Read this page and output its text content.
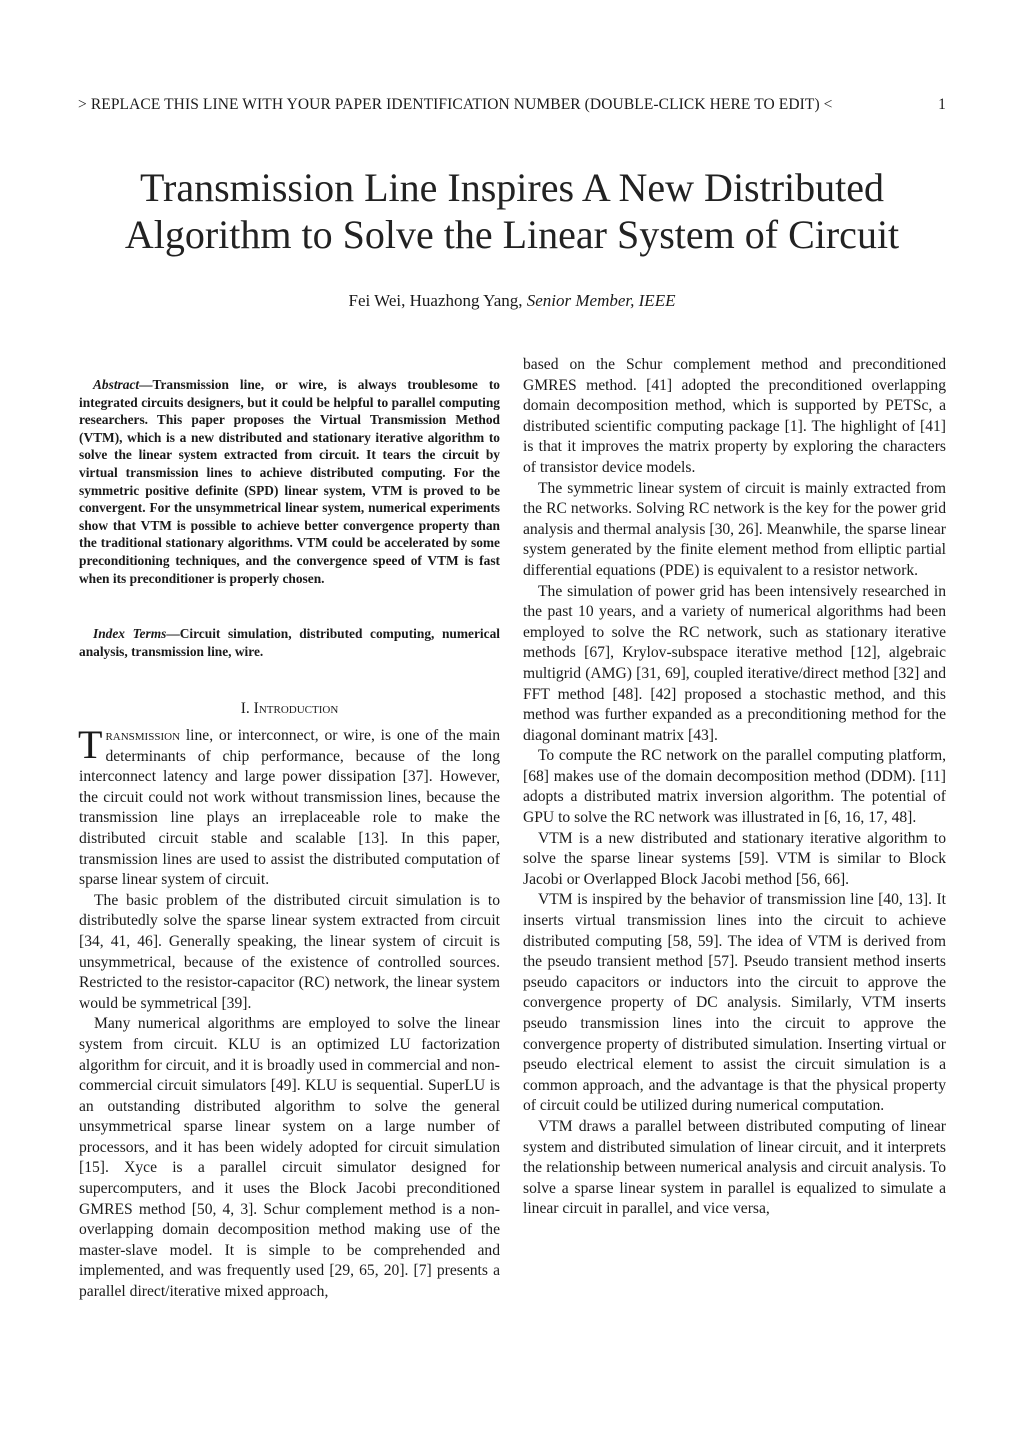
> REPLACE THIS LINE WITH YOUR PAPER IDENTIFICATION NUMBER (DOUBLE-CLICK HERE TO EDIT) <	1
Transmission Line Inspires A New Distributed
Algorithm to Solve the Linear System of Circuit
Fei Wei, Huazhong Yang, Senior Member, IEEE
Abstract—Transmission line, or wire, is always troublesome to integrated circuits designers, but it could be helpful to parallel computing researchers. This paper proposes the Virtual Transmission Method (VTM), which is a new distributed and stationary iterative algorithm to solve the linear system extracted from circuit. It tears the circuit by virtual transmission lines to achieve distributed computing. For the symmetric positive definite (SPD) linear system, VTM is proved to be convergent. For the unsymmetrical linear system, numerical experiments show that VTM is possible to achieve better convergence property than the traditional stationary algorithms. VTM could be accelerated by some preconditioning techniques, and the convergence speed of VTM is fast when its preconditioner is properly chosen.
Index Terms—Circuit simulation, distributed computing, numerical analysis, transmission line, wire.
I. Introduction

Transmission line, or interconnect, or wire, is one of the main determinants of chip performance, because of the long interconnect latency and large power dissipation [37]. However, the circuit could not work without transmission lines, because the transmission line plays an irreplaceable role to make the distributed circuit stable and scalable [13]. In this paper, transmission lines are used to assist the distributed computation of sparse linear system of circuit.

The basic problem of the distributed circuit simulation is to distributedly solve the sparse linear system extracted from circuit [34, 41, 46]. Generally speaking, the linear system of circuit is unsymmetrical, because of the existence of controlled sources. Restricted to the resistor-capacitor (RC) network, the linear system would be symmetrical [39].

Many numerical algorithms are employed to solve the linear system from circuit. KLU is an optimized LU factorization algorithm for circuit, and it is broadly used in commercial and non-commercial circuit simulators [49]. KLU is sequential. SuperLU is an outstanding distributed algorithm to solve the general unsymmetrical sparse linear system on a large number of processors, and it has been widely adopted for circuit simulation [15]. Xyce is a parallel circuit simulator designed for supercomputers, and it uses the Block Jacobi preconditioned GMRES method [50, 4, 3]. Schur complement method is a non-overlapping domain decomposition method making use of the master-slave model. It is simple to be comprehended and implemented, and was frequently used [29, 65, 20]. [7] presents a parallel direct/iterative mixed approach,

based on the Schur complement method and preconditioned GMRES method. [41] adopted the preconditioned overlapping domain decomposition method, which is supported by PETSc, a distributed scientific computing package [1]. The highlight of [41] is that it improves the matrix property by exploring the characters of transistor device models.

The symmetric linear system of circuit is mainly extracted from the RC networks. Solving RC network is the key for the power grid analysis and thermal analysis [30, 26]. Meanwhile, the sparse linear system generated by the finite element method from elliptic partial differential equations (PDE) is equivalent to a resistor network.

The simulation of power grid has been intensively researched in the past 10 years, and a variety of numerical algorithms had been employed to solve the RC network, such as stationary iterative methods [67], Krylov-subspace iterative method [12], algebraic multigrid (AMG) [31, 69], coupled iterative/direct method [32] and FFT method [48]. [42] proposed a stochastic method, and this method was further expanded as a preconditioning method for the diagonal dominant matrix [43].

To compute the RC network on the parallel computing platform, [68] makes use of the domain decomposition method (DDM). [11] adopts a distributed matrix inversion algorithm. The potential of GPU to solve the RC network was illustrated in [6, 16, 17, 48].

VTM is a new distributed and stationary iterative algorithm to solve the sparse linear systems [59]. VTM is similar to Block Jacobi or Overlapped Block Jacobi method [56, 66].

VTM is inspired by the behavior of transmission line [40, 13]. It inserts virtual transmission lines into the circuit to achieve distributed computing [58, 59]. The idea of VTM is derived from the pseudo transient method [57]. Pseudo transient method inserts pseudo capacitors or inductors into the circuit to approve the convergence property of DC analysis. Similarly, VTM inserts pseudo transmission lines into the circuit to approve the convergence property of distributed simulation. Inserting virtual or pseudo electrical element to assist the circuit simulation is a common approach, and the advantage is that the physical property of circuit could be utilized during numerical computation.

VTM draws a parallel between distributed computing of linear system and distributed simulation of linear circuit, and it interprets the relationship between numerical analysis and circuit analysis. To solve a sparse linear system in parallel is equalized to simulate a linear circuit in parallel, and vice versa,
